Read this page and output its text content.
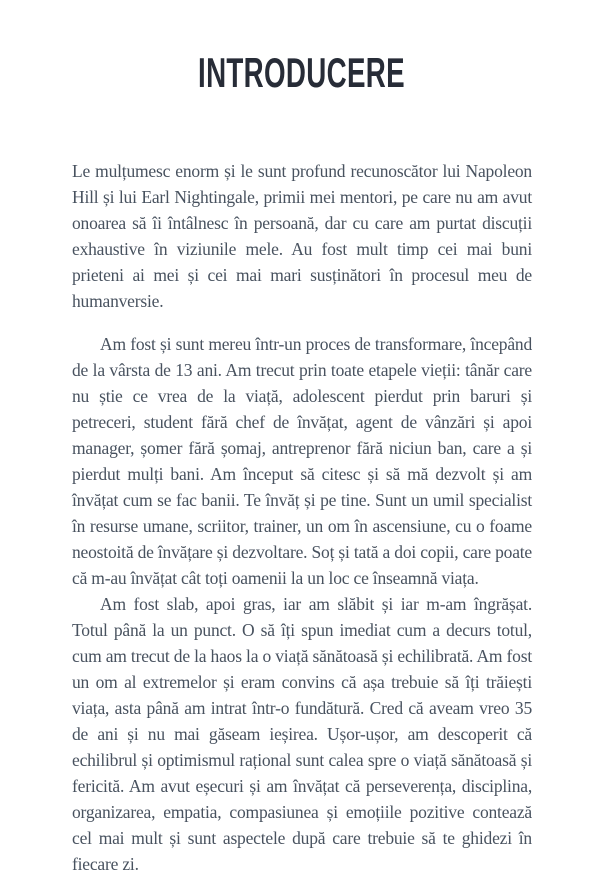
INTRODUCERE

Le mulțumesc enorm și le sunt profund recunoscător lui Napoleon Hill și lui Earl Nightingale, primii mei mentori, pe care nu am avut onoarea să îi întâlnesc în persoană, dar cu care am purtat discuții exhaustive în viziunile mele. Au fost mult timp cei mai buni prieteni ai mei și cei mai mari susținători în procesul meu de humanversie.

Am fost și sunt mereu într-un proces de transformare, începând de la vârsta de 13 ani. Am trecut prin toate etapele vieții: tânăr care nu știe ce vrea de la viață, adolescent pierdut prin baruri și petreceri, student fără chef de învățat, agent de vânzări și apoi manager, șomer fără șomaj, antreprenor fără niciun ban, care a și pierdut mulți bani. Am început să citesc și să mă dezvolt și am învățat cum se fac banii. Te învăț și pe tine. Sunt un umil specialist în resurse umane, scriitor, trainer, un om în ascensiune, cu o foame neostoită de învățare și dezvoltare. Soț și tată a doi copii, care poate că m-au învățat cât toți oamenii la un loc ce înseamnă viața.

Am fost slab, apoi gras, iar am slăbit și iar m-am îngrășat. Totul până la un punct. O să îți spun imediat cum a decurs totul, cum am trecut de la haos la o viață sănătoasă și echilibrată. Am fost un om al extremelor și eram convins că așa trebuie să îți trăiești viața, asta până am intrat într-o fundătură. Cred că aveam vreo 35 de ani și nu mai găseam ieșirea. Ușor-ușor, am descoperit că echilibrul și optimismul rațional sunt calea spre o viață sănătoasă și fericită. Am avut eșecuri și am învățat că perseverența, disciplina, organizarea, empatia, compasiunea și emoțiile pozitive contează cel mai mult și sunt aspectele după care trebuie să te ghidezi în fiecare zi.
